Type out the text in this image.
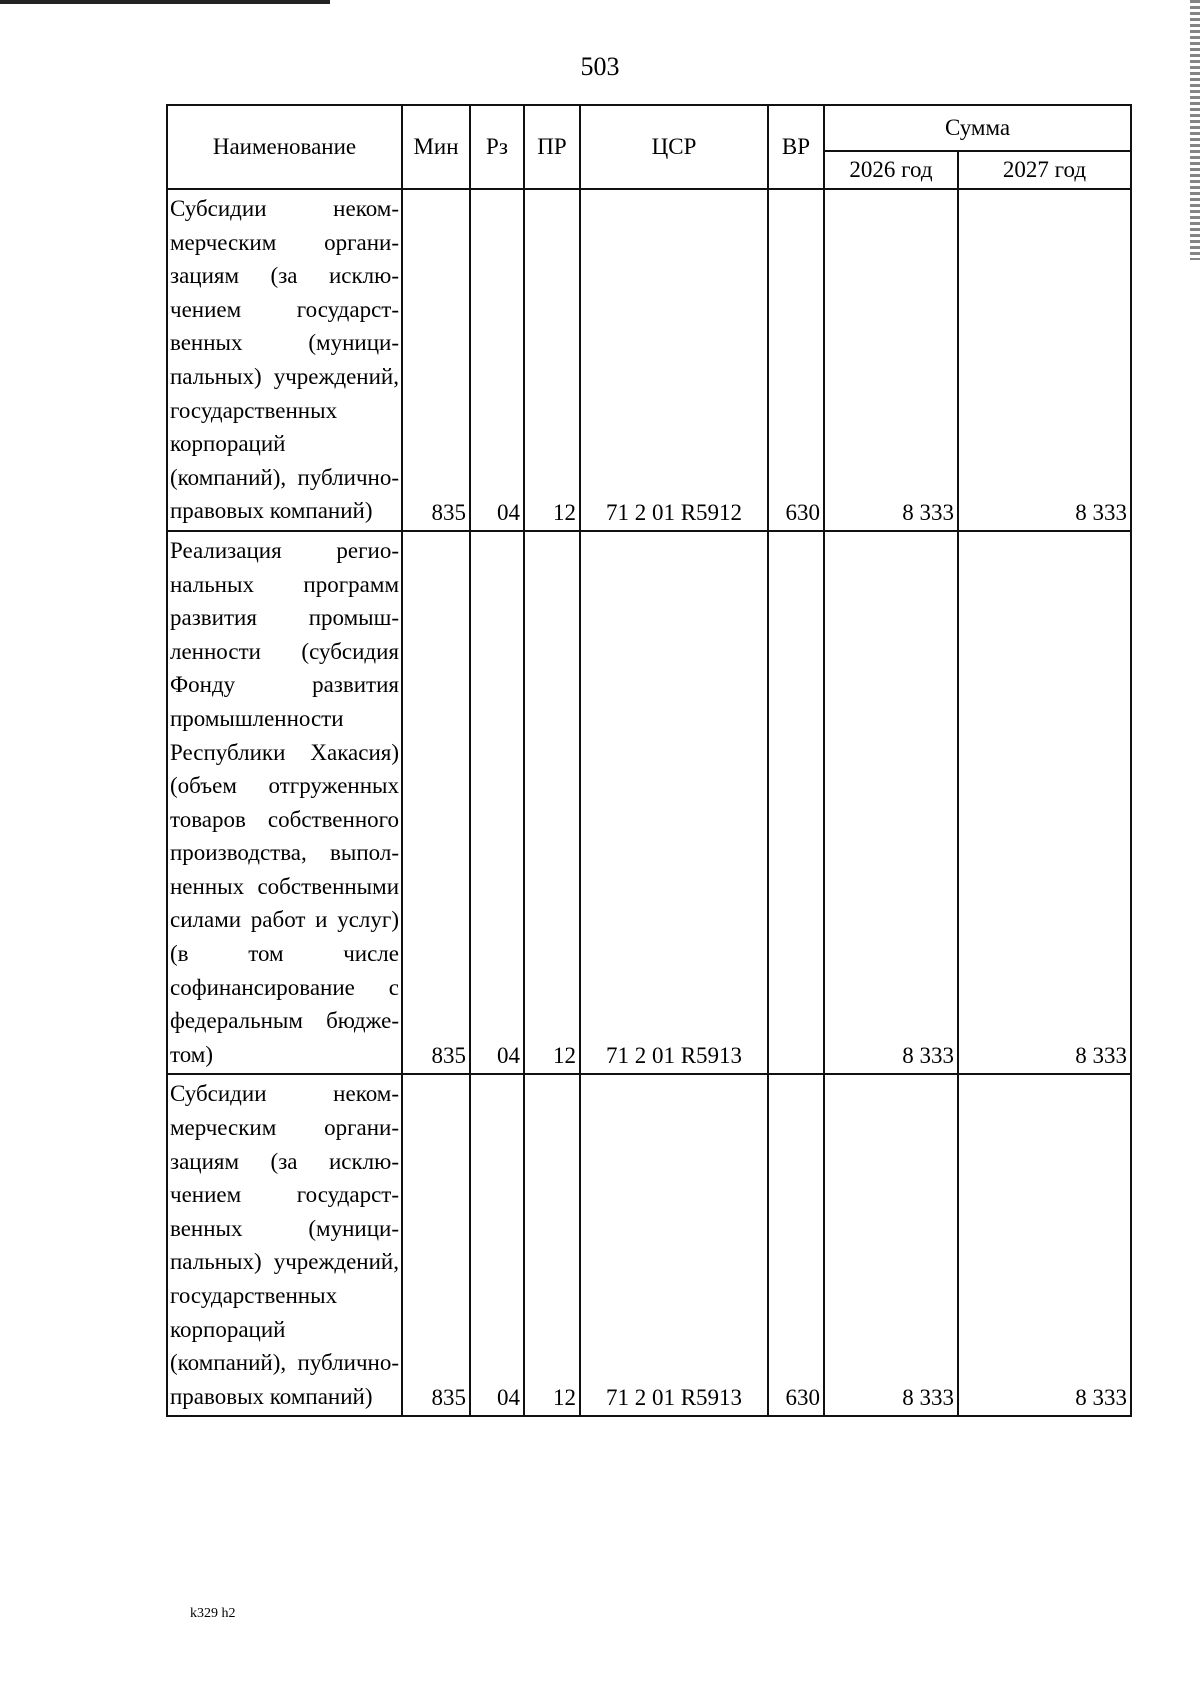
503
Наименование	Мин	Рз	ПР	ЦСР	ВР	Сумма	
						2026 год	2027 год
Субсидии некоммерческим организациям (за исключением государственных (муниципальных) учреждений, государственных корпораций (компаний), публично-правовых компаний)	835	04	12	71 2 01 R5912	630	8 333	8 333
Реализация региональных программ развития промышленности (субсидия Фонду развития промышленности Республики Хакасия) (объем отгруженных товаров собственного производства, выполненных собственными силами работ и услуг) (в том числе софинансирование с федеральным бюджетом)	835	04	12	71 2 01 R5913		8 333	8 333
Субсидии некоммерческим организациям (за исключением государственных (муниципальных) учреждений, государственных корпораций (компаний), публично-правовых компаний)	835	04	12	71 2 01 R5913	630	8 333	8 333
k329 h2
